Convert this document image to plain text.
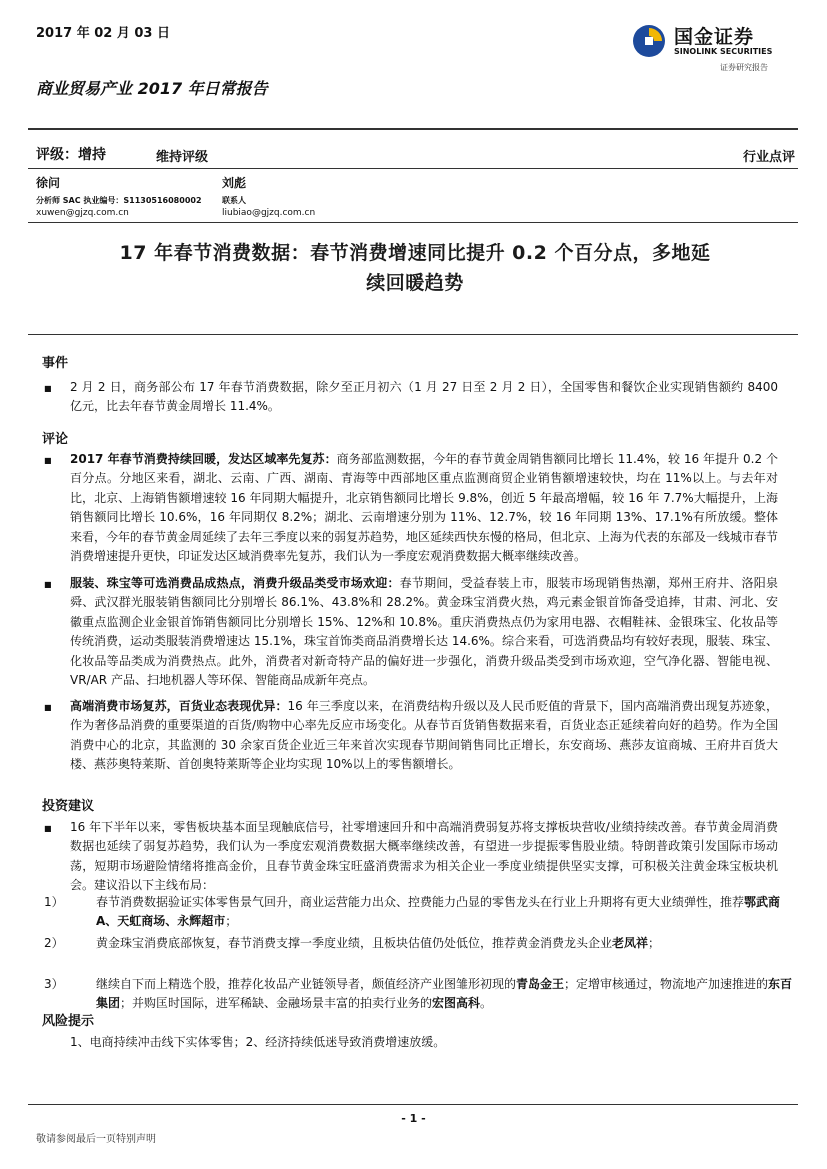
2017 年 02 月 03 日	国金证券
SINOLINK SECURITIES
证券研究报告
商业贸易产业 2017 年日常报告
评级：增持	维持评级	行业点评
徐问
分析师 SAC 执业编号：S1130516080002
xuwen@gjzq.com.cn
刘彪
联系人
liubiao@gjzq.com.cn
17 年春节消费数据：春节消费增速同比提升 0.2 个百分点，多地延
续回暖趋势
事件
■ 2 月 2 日，商务部公布 17 年春节消费数据，除夕至正月初六（1 月 27 日至 2 月 2 日），全国零售和餐饮企业实现销售额约 8400 亿元，比去年春节黄金周增长 11.4%。
评论
■ 2017 年春节消费持续回暖，发达区域率先复苏：商务部监测数据，今年的春节黄金周销售额同比增长 11.4%，较 16 年提升 0.2 个百分点。分地区来看，湖北、云南、广西、湖南、青海等中西部地区重点监测商贸企业销售额增速较快，均在 11%以上。与去年对比，北京、上海销售额增速较 16 年同期大幅提升，北京销售额同比增长 9.8%，创近 5 年最高增幅，较 16 年 7.7%大幅提升，上海销售额同比增长 10.6%，16 年同期仅 8.2%；湖北、云南增速分别为 11%、12.7%，较 16 年同期 13%、17.1%有所放缓。整体来看，今年的春节黄金周延续了去年三季度以来的弱复苏趋势，地区延续西快东慢的格局，但北京、上海为代表的东部及一线城市春节消费增速提升更快，印证发达区域消费率先复苏，我们认为一季度宏观消费数据大概率继续改善。
■ 服装、珠宝等可选消费品成热点，消费升级品类受市场欢迎：春节期间，受益春装上市，服装市场现销售热潮，郑州王府井、洛阳泉舜、武汉群光服装销售额同比分别增长 86.1%、43.8%和 28.2%。黄金珠宝消费火热，鸡元素金银首饰备受追捧，甘肃、河北、安徽重点监测企业金银首饰销售额同比分别增长 15%、12%和 10.8%。重庆消费热点仍为家用电器、衣帽鞋袜、金银珠宝、化妆品等传统消费，运动类服装消费增速达 15.1%，珠宝首饰类商品消费增长达 14.6%。综合来看，可选消费品均有较好表现，服装、珠宝、化妆品等品类成为消费热点。此外，消费者对新奇特产品的偏好进一步强化，消费升级品类受到市场欢迎，空气净化器、智能电视、VR/AR 产品、扫地机器人等环保、智能商品成新年亮点。
■ 高端消费市场复苏，百货业态表现优异：16 年三季度以来，在消费结构升级以及人民币贬值的背景下，国内高端消费出现复苏迹象，作为奢侈品消费的重要渠道的百货/购物中心率先反应市场变化。从春节百货销售数据来看，百货业态正延续着向好的趋势。作为全国消费中心的北京，其监测的 30 余家百货企业近三年来首次实现春节期间销售同比正增长，东安商场、燕莎友谊商城、王府井百货大楼、燕莎奥特莱斯、首创奥特莱斯等企业均实现 10%以上的零售额增长。
投资建议
■ 16 年下半年以来，零售板块基本面呈现触底信号，社零增速回升和中高端消费弱复苏将支撑板块营收/业绩持续改善。春节黄金周消费数据也延续了弱复苏趋势，我们认为一季度宏观消费数据大概率继续改善，有望进一步提振零售股业绩。特朗普政策引发国际市场动荡，短期市场避险情绪将推高金价，且春节黄金珠宝旺盛消费需求为相关企业一季度业绩提供坚实支撑，可积极关注黄金珠宝板块机会。建议沿以下主线布局：
1）	春节消费数据验证实体零售景气回升，商业运营能力出众、控费能力凸显的零售龙头在行业上升期将有更大业绩弹性，推荐鄂武商 A、天虹商场、永辉超市；
2）	黄金珠宝消费底部恢复，春节消费支撑一季度业绩，且板块估值仍处低位，推荐黄金消费龙头企业老凤祥；
3）	继续自下而上精选个股，推荐化妆品产业链领导者，颇值经济产业图雏形初现的青岛金王；定增审核通过，物流地产加速推进的东百集团；并购匡时国际，进军稀缺、金融场景丰富的拍卖行业务的宏图高科。
风险提示
1、电商持续冲击线下实体零售；2、经济持续低迷导致消费增速放缓。
- 1 -
敬请参阅最后一页特别声明
